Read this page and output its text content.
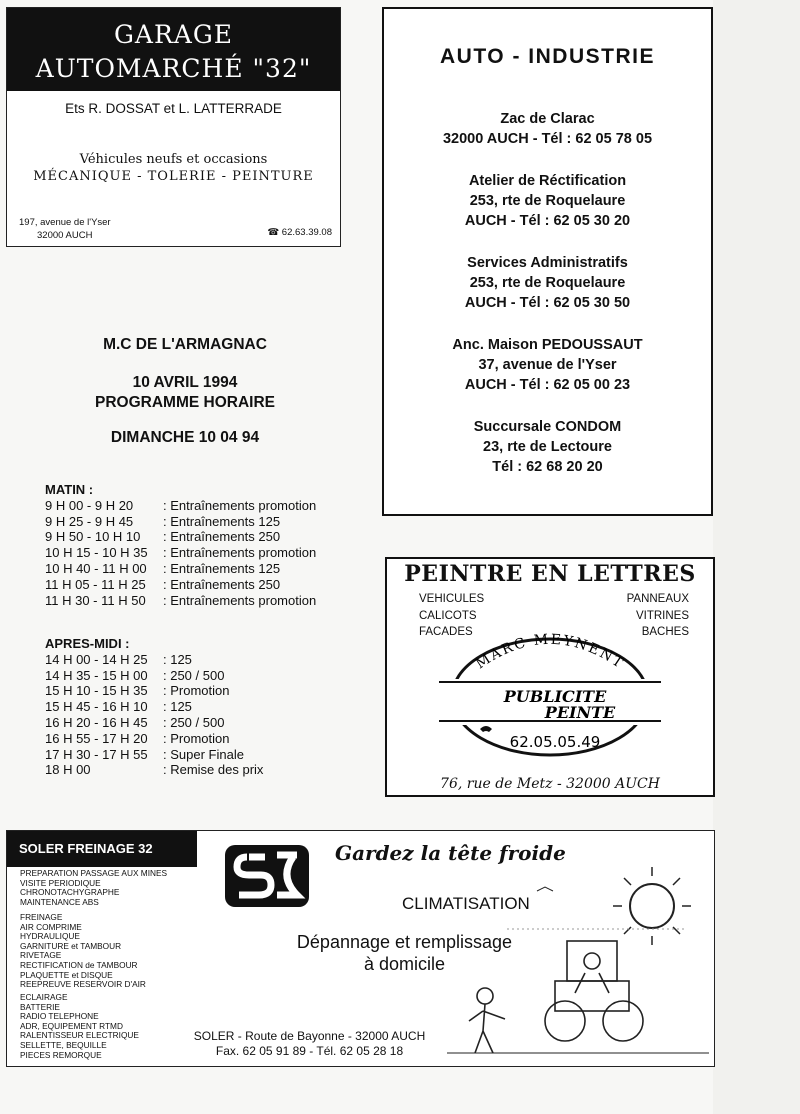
GARAGE
AUTOMARCHÉ "32"
Ets R. DOSSAT et L. LATTERRADE
Véhicules neufs et occasions
MÉCANIQUE - TOLERIE - PEINTURE
197, avenue de l'Yser
32000 AUCH	☎ 62.63.39.08
M.C DE L'ARMAGNAC
10 AVRIL 1994
PROGRAMME HORAIRE
DIMANCHE 10 04 94
MATIN :
9 H 00 - 9 H 20	: Entraînements promotion
9 H 25 - 9 H 45	: Entraînements 125
9 H 50 - 10 H 10	: Entraînements 250
10 H 15 - 10 H 35	: Entraînements promotion
10 H 40 - 11 H 00	: Entraînements 125
11 H 05 - 11 H 25	: Entraînements 250
11 H 30 - 11 H 50	: Entraînements promotion
APRES-MIDI :
14 H 00 - 14 H 25	: 125
14 H 35 - 15 H 00	: 250 / 500
15 H 10 - 15 H 35	: Promotion
15 H 45 - 16 H 10	: 125
16 H 20 - 16 H 45	: 250 / 500
16 H 55 - 17 H 20	: Promotion
17 H 30 - 17 H 55	: Super Finale
18 H 00	: Remise des prix
AUTO - INDUSTRIE
Zac de Clarac
32000 AUCH - Tél : 62 05 78 05
Atelier de Réctification
253, rte de Roquelaure
AUCH - Tél : 62 05 30 20
Services Administratifs
253, rte de Roquelaure
AUCH - Tél : 62 05 30 50
Anc. Maison PEDOUSSAUT
37, avenue de l'Yser
AUCH - Tél : 62 05 00 23
Succursale CONDOM
23, rte de Lectoure
Tél : 62 68 20 20
PEINTRE EN LETTRES
VEHICULES
CALICOTS
FACADES
PANNEAUX
VITRINES
BACHES
MARC MEYNENT
PUBLICITE
PEINTE
62.05.05.49
76, rue de Metz - 32000 AUCH
SOLER FREINAGE 32
PREPARATION PASSAGE AUX MINES
VISITE PERIODIQUE
CHRONOTACHYGRAPHE
MAINTENANCE ABS
FREINAGE
AIR COMPRIME
HYDRAULIQUE
GARNITURE et TAMBOUR
RIVETAGE
RECTIFICATION de TAMBOUR
PLAQUETTE et DISQUE
REEPREUVE RESERVOIR D'AIR
ECLAIRAGE
BATTERIE
RADIO TELEPHONE
ADR, EQUIPEMENT RTMD
RALENTISSEUR ELECTRIQUE
SELLETTE, BEQUILLE
PIECES REMORQUE
Gardez la tête froide
CLIMATISATION
Dépannage et remplissage
à domicile
SOLER - Route de Bayonne - 32000 AUCH
Fax. 62 05 91 89 - Tél. 62 05 28 18
